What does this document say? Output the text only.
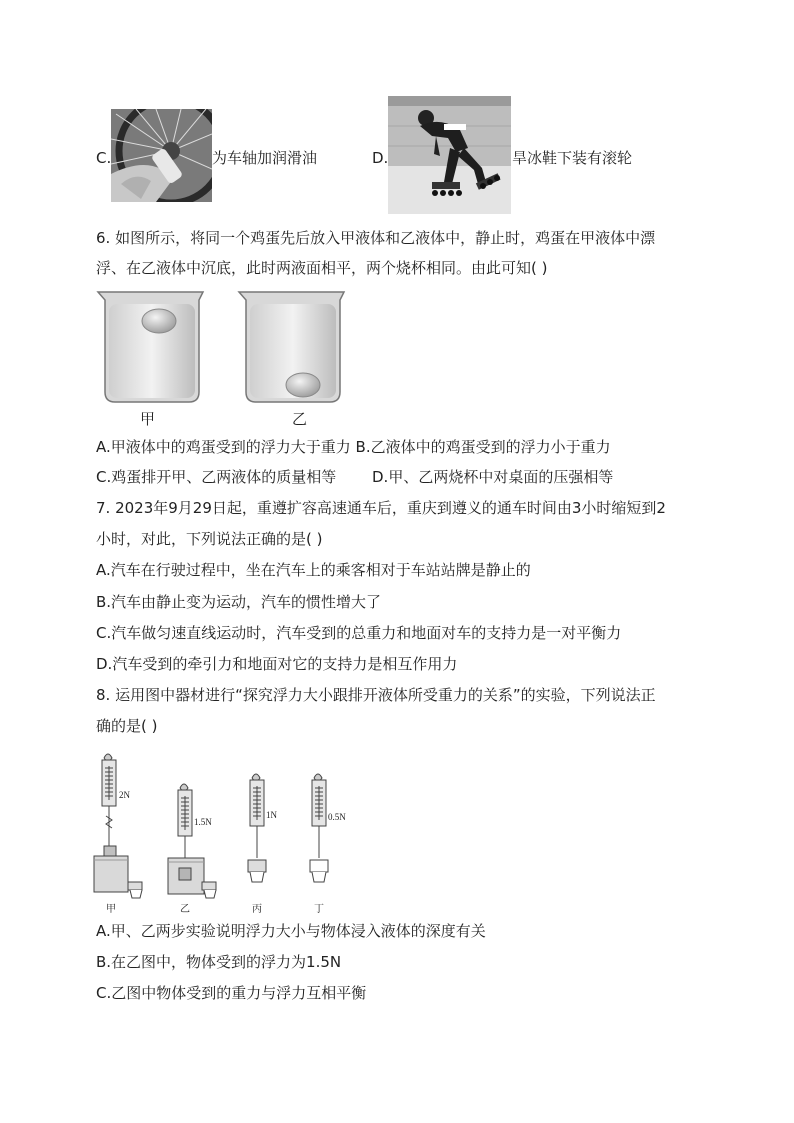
C.	为车轴加润滑油	D.	旱冰鞋下装有滚轮
6. 如图所示，将同一个鸡蛋先后放入甲液体和乙液体中，静止时，鸡蛋在甲液体中漂
浮、在乙液体中沉底，此时两液面相平，两个烧杯相同。由此可知( )
甲	乙
A.甲液体中的鸡蛋受到的浮力大于重力 B.乙液体中的鸡蛋受到的浮力小于重力
C.鸡蛋排开甲、乙两液体的质量相等 D.甲、乙两烧杯中对桌面的压强相等
7. 2023年9月29日起，重遵扩容高速通车后，重庆到遵义的通车时间由3小时缩短到2
小时，对此，下列说法正确的是( )
A.汽车在行驶过程中，坐在汽车上的乘客相对于车站站牌是静止的
B.汽车由静止变为运动，汽车的惯性增大了
C.汽车做匀速直线运动时，汽车受到的总重力和地面对车的支持力是一对平衡力
D.汽车受到的牵引力和地面对它的支持力是相互作用力
8. 运用图中器材进行“探究浮力大小跟排开液体所受重力的关系”的实验，下列说法正
确的是( )
2N
1.5N
1N	0.5N
甲	乙	丙	丁
A.甲、乙两步实验说明浮力大小与物体浸入液体的深度有关
B.在乙图中，物体受到的浮力为1.5N
C.乙图中物体受到的重力与浮力互相平衡
